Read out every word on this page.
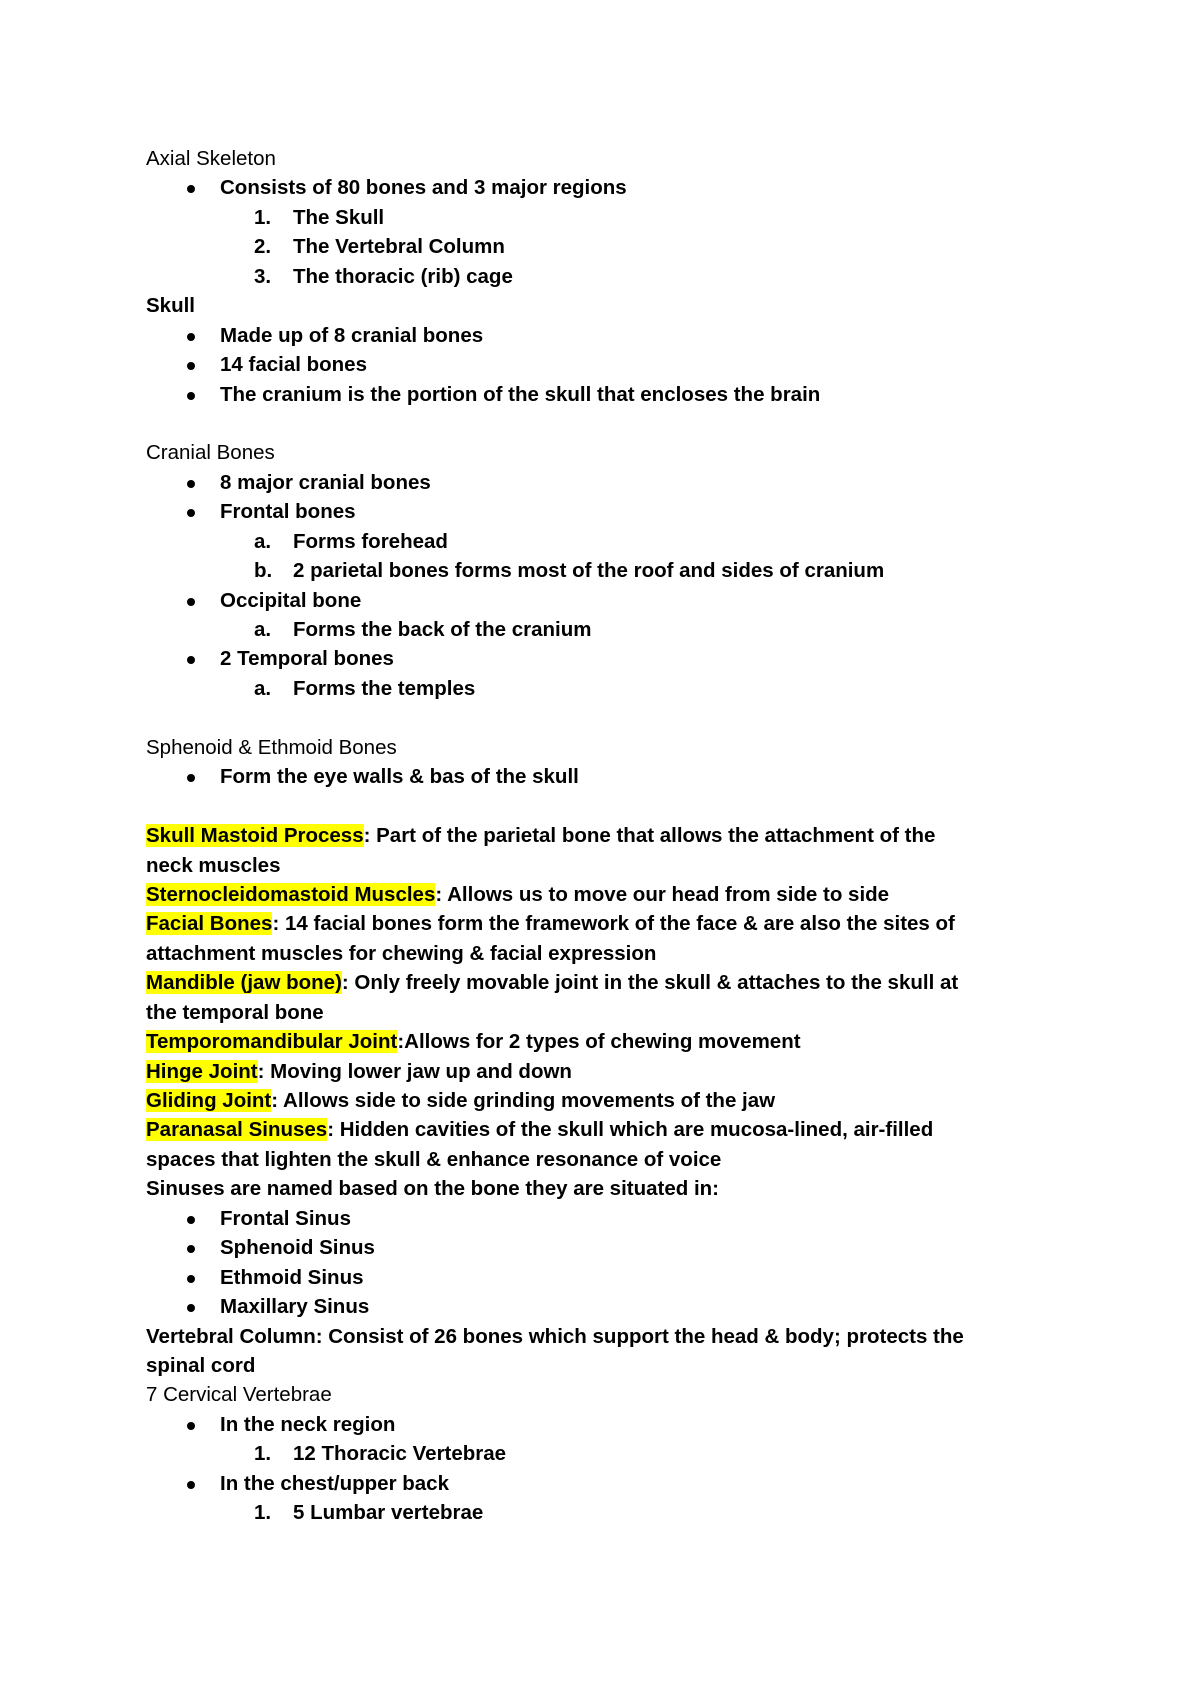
Axial Skeleton
Consists of 80 bones and 3 major regions
1. The Skull
2. The Vertebral Column
3. The thoracic (rib) cage
Skull
Made up of 8 cranial bones
14 facial bones
The cranium is the portion of the skull that encloses the brain
Cranial Bones
8 major cranial bones
Frontal bones
a. Forms forehead
b. 2 parietal bones forms most of the roof and sides of cranium
Occipital bone
a. Forms the back of the cranium
2 Temporal bones
a. Forms the temples
Sphenoid & Ethmoid Bones
Form the eye walls & bas of the skull
Skull Mastoid Process: Part of the parietal bone that allows the attachment of the
neck muscles
Sternocleidomastoid Muscles: Allows us to move our head from side to side
Facial Bones: 14 facial bones form the framework of the face & are also the sites of
attachment muscles for chewing & facial expression
Mandible (jaw bone): Only freely movable joint in the skull & attaches to the skull at
the temporal bone
Temporomandibular Joint:Allows for 2 types of chewing movement
Hinge Joint: Moving lower jaw up and down
Gliding Joint: Allows side to side grinding movements of the jaw
Paranasal Sinuses: Hidden cavities of the skull which are mucosa-lined, air-filled
spaces that lighten the skull & enhance resonance of voice
Sinuses are named based on the bone they are situated in:
Frontal Sinus
Sphenoid Sinus
Ethmoid Sinus
Maxillary Sinus
Vertebral Column: Consist of 26 bones which support the head & body; protects the
spinal cord
7 Cervical Vertebrae
In the neck region
1. 12 Thoracic Vertebrae
In the chest/upper back
1. 5 Lumbar vertebrae
